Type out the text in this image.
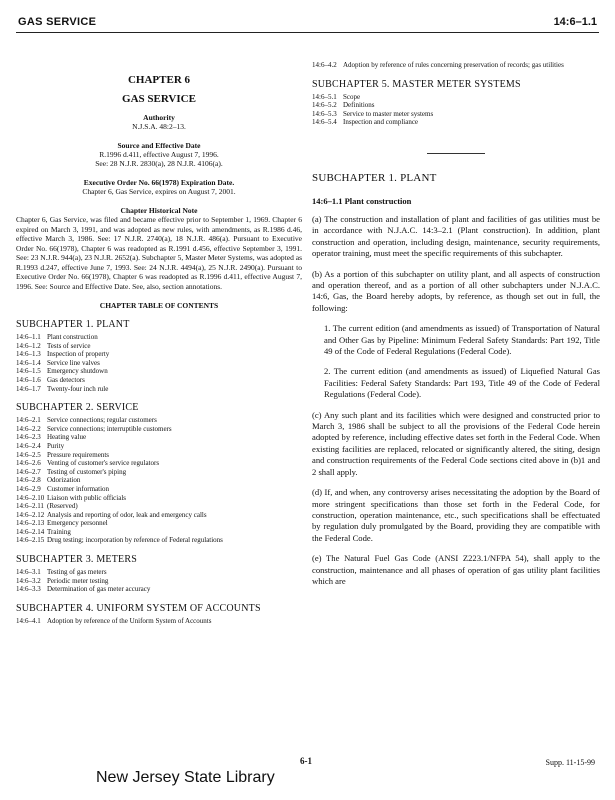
GAS SERVICE	14:6–1.1
CHAPTER 6
GAS SERVICE
Authority
N.J.S.A. 48:2–13.
Source and Effective Date
R.1996 d.411, effective August 7, 1996.
See: 28 N.J.R. 2830(a), 28 N.J.R. 4106(a).
Executive Order No. 66(1978) Expiration Date.
Chapter 6, Gas Service, expires on August 7, 2001.
Chapter Historical Note
Chapter 6, Gas Service, was filed and became effective prior to September 1, 1969. Chapter 6 expired on March 3, 1991, and was adopted as new rules, with amendments, as R.1986 d.46, effective March 3, 1986. See: 17 N.J.R. 2740(a), 18 N.J.R. 486(a). Pursuant to Executive Order No. 66(1978), Chapter 6 was readopted as R.1991 d.456, effective September 3, 1991. See: 23 N.J.R. 944(a), 23 N.J.R. 2652(a). Subchapter 5, Master Meter Systems, was adopted as R.1993 d.247, effective June 7, 1993. See: 24 N.J.R. 4494(a), 25 N.J.R. 2490(a). Pursuant to Executive Order No. 66(1978), Chapter 6 was readopted as R.1996 d.411, effective August 7, 1996. See: Source and Effective Date. See, also, section annotations.
CHAPTER TABLE OF CONTENTS
SUBCHAPTER 1. PLANT
14:6–1.1 Plant construction
14:6–1.2 Tests of service
14:6–1.3 Inspection of property
14:6–1.4 Service line valves
14:6–1.5 Emergency shutdown
14:6–1.6 Gas detectors
14:6–1.7 Twenty-four inch rule
SUBCHAPTER 2. SERVICE
14:6–2.1 Service connections; regular customers
14:6–2.2 Service connections; interruptible customers
14:6–2.3 Heating value
14:6–2.4 Purity
14:6–2.5 Pressure requirements
14:6–2.6 Venting of customer's service regulators
14:6–2.7 Testing of customer's piping
14:6–2.8 Odorization
14:6–2.9 Customer information
14:6–2.10 Liaison with public officials
14:6–2.11 (Reserved)
14:6–2.12 Analysis and reporting of odor, leak and emergency calls
14:6–2.13 Emergency personnel
14:6–2.14 Training
14:6–2.15 Drug testing; incorporation by reference of Federal regulations
SUBCHAPTER 3. METERS
14:6–3.1 Testing of gas meters
14:6–3.2 Periodic meter testing
14:6–3.3 Determination of gas meter accuracy
SUBCHAPTER 4. UNIFORM SYSTEM OF ACCOUNTS
14:6–4.1 Adoption by reference of the Uniform System of Accounts
14:6–4.2 Adoption by reference of rules concerning preservation of records; gas utilities
SUBCHAPTER 5. MASTER METER SYSTEMS
14:6–5.1 Scope
14:6–5.2 Definitions
14:6–5.3 Service to master meter systems
14:6–5.4 Inspection and compliance
SUBCHAPTER 1. PLANT
14:6–1.1 Plant construction
(a) The construction and installation of plant and facilities of gas utilities must be in accordance with N.J.A.C. 14:3–2.1 (Plant construction). In addition, plant construction and operation, including design, maintenance, security requirements, operator training, must meet the specific requirements of this subchapter.
(b) As a portion of this subchapter on utility plant, and all aspects of construction and operation thereof, and as a portion of all other subchapters under N.J.A.C. 14:6, Gas, the Board hereby adopts, by reference, as though set out in full, the following:
1. The current edition (and amendments as issued) of Transportation of Natural and Other Gas by Pipeline: Minimum Federal Safety Standards: Part 192, Title 49 of the Code of Federal Regulations (Federal Code).
2. The current edition (and amendments as issued) of Liquefied Natural Gas Facilities: Federal Safety Standards: Part 193, Title 49 of the Code of Federal Regulations (Federal Code).
(c) Any such plant and its facilities which were designed and constructed prior to March 3, 1986 shall be subject to all the provisions of the Federal Code herein adopted by reference, including effective dates set forth in the Federal Code. When existing facilities are replaced, relocated or significantly altered, the siting, design and construction requirements of the Federal Code sections cited above in (b)1 and 2 shall apply.
(d) If, and when, any controversy arises necessitating the adoption by the Board of more stringent specifications than those set forth in the Federal Code, for construction, operation maintenance, etc., such specifications shall be effectuated by regulation duly promulgated by the Board, providing they are compatible with the Federal Code.
(e) The Natural Fuel Gas Code (ANSI Z223.1/NFPA 54), shall apply to the construction, maintenance and all phases of operation of gas utility plant facilities which are
6-1	Supp. 11-15-99
New Jersey State Library
